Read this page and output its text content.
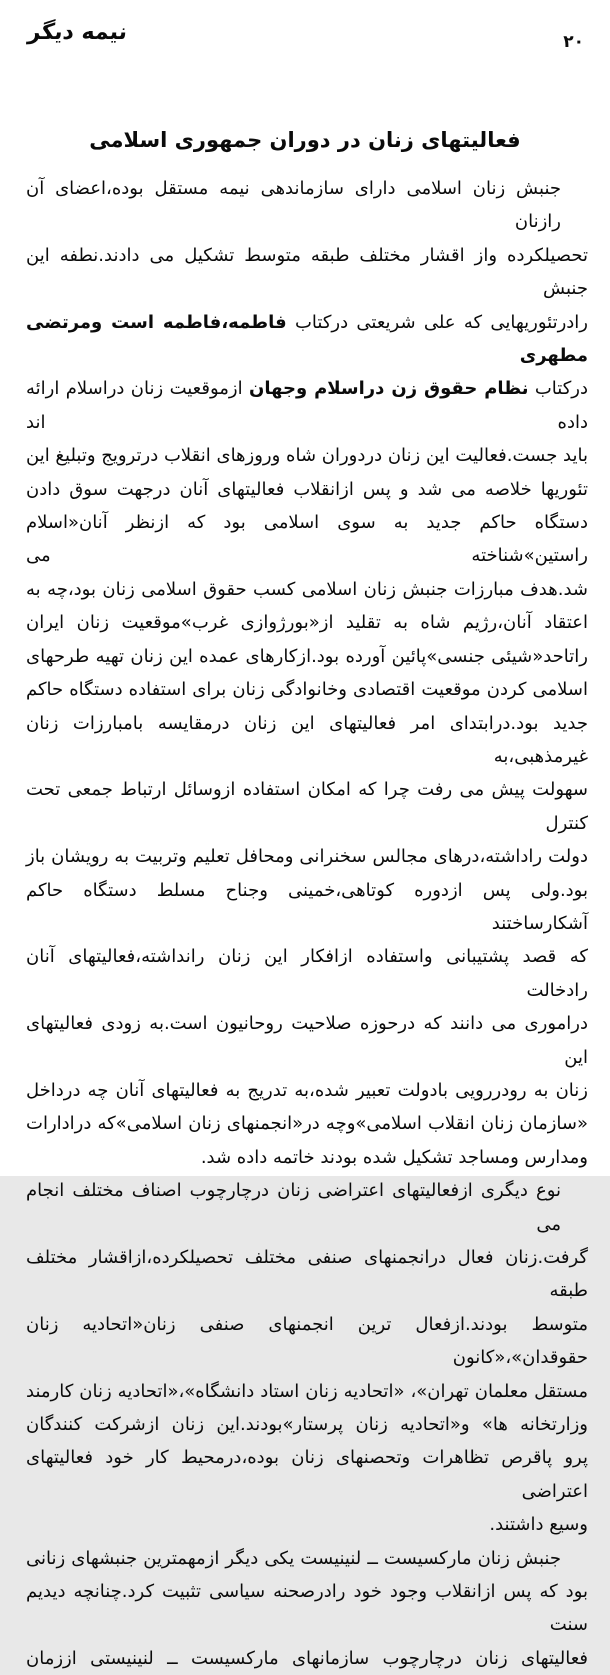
نیمه دیگر	۲۰
فعالیتهای زنان در دوران جمهوری اسلامی
جنبش زنان اسلامی دارای سازماندهی نیمه مستقل بوده،اعضای آن رازنان
تحصیلکرده واز اقشار مختلف طبقه متوسط تشکیل می دادند.نطفه این جنبش
رادرتئوریهایی که علی شریعتی درکتاب فاطمه،فاطمه است ومرتضی مطهری
درکتاب نظام حقوق زن دراسلام وجهان ازموقعیت زنان دراسلام ارائه داده اند
باید جست.فعالیت این زنان دردوران شاه وروزهای انقلاب درترویج وتبلیغ این
تئوریها خلاصه می شد و پس ازانقلاب فعالیتهای آنان درجهت سوق دادن
دستگاه حاکم جدید به سوی اسلامی بود که ازنظر آنان«اسلام راستین»شناخته می
شد.هدف مبارزات جنبش زنان اسلامی کسب حقوق اسلامی زنان بود،چه به
اعتقاد آنان،رژیم شاه به تقلید از«بورژوازی غرب»موقعیت زنان ایران
راتاحد«شیئی جنسی»پائین آورده بود.ازکارهای عمده این زنان تهیه طرحهای
اسلامی کردن موقعیت اقتصادی وخانوادگی زنان برای استفاده دستگاه حاکم
جدید بود.درابتدای امر فعالیتهای این زنان درمقایسه بامبارزات زنان غیرمذهبی،به
سهولت پیش می رفت چرا که امکان استفاده ازوسائل ارتباط جمعی تحت کنترل
دولت راداشته،درهای مجالس سخنرانی ومحافل تعلیم وتربیت به رویشان باز
بود.ولی پس ازدوره کوتاهی،خمینی وجناح مسلط دستگاه حاکم آشکارساختند
که قصد پشتیبانی واستفاده ازافکار این زنان رانداشته،فعالیتهای آنان رادخالت
دراموری می دانند که درحوزه صلاحیت روحانیون است.به زودی فعالیتهای این
زنان به رودررویی بادولت تعبیر شده،به تدریج به فعالیتهای آنان چه درداخل
«سازمان زنان انقلاب اسلامی»وچه در«انجمنهای زنان اسلامی»که درادارات
ومدارس ومساجد تشکیل شده بودند خاتمه داده شد.
نوع دیگری ازفعالیتهای اعتراضی زنان درچارچوب اصناف مختلف انجام می
گرفت.زنان فعال درانجمنهای صنفی مختلف تحصیلکرده،ازاقشار مختلف طبقه
متوسط بودند.ازفعال ترین انجمنهای صنفی زنان«اتحادیه زنان حقوقدان»،«کانون
مستقل معلمان تهران»، «اتحادیه زنان استاد دانشگاه»،«اتحادیه زنان کارمند
وزارتخانه ها» و«اتحادیه زنان پرستار»بودند.این زنان ازشرکت کنندگان
پرو پاقرص تظاهرات وتحصنهای زنان بوده،درمحیط کار خود فعالیتهای اعتراضی
وسیع داشتند.
جنبش زنان مارکسیست ــ لنینیست یکی دیگر ازمهمترین جنبشهای زنانی
بود که پس ازانقلاب وجود خود رادرصحنه سیاسی تثبیت کرد.چنانچه دیدیم سنت
فعالیتهای زنان درچارچوب سازمانهای مارکسیست ــ لنینیستی اززمان
